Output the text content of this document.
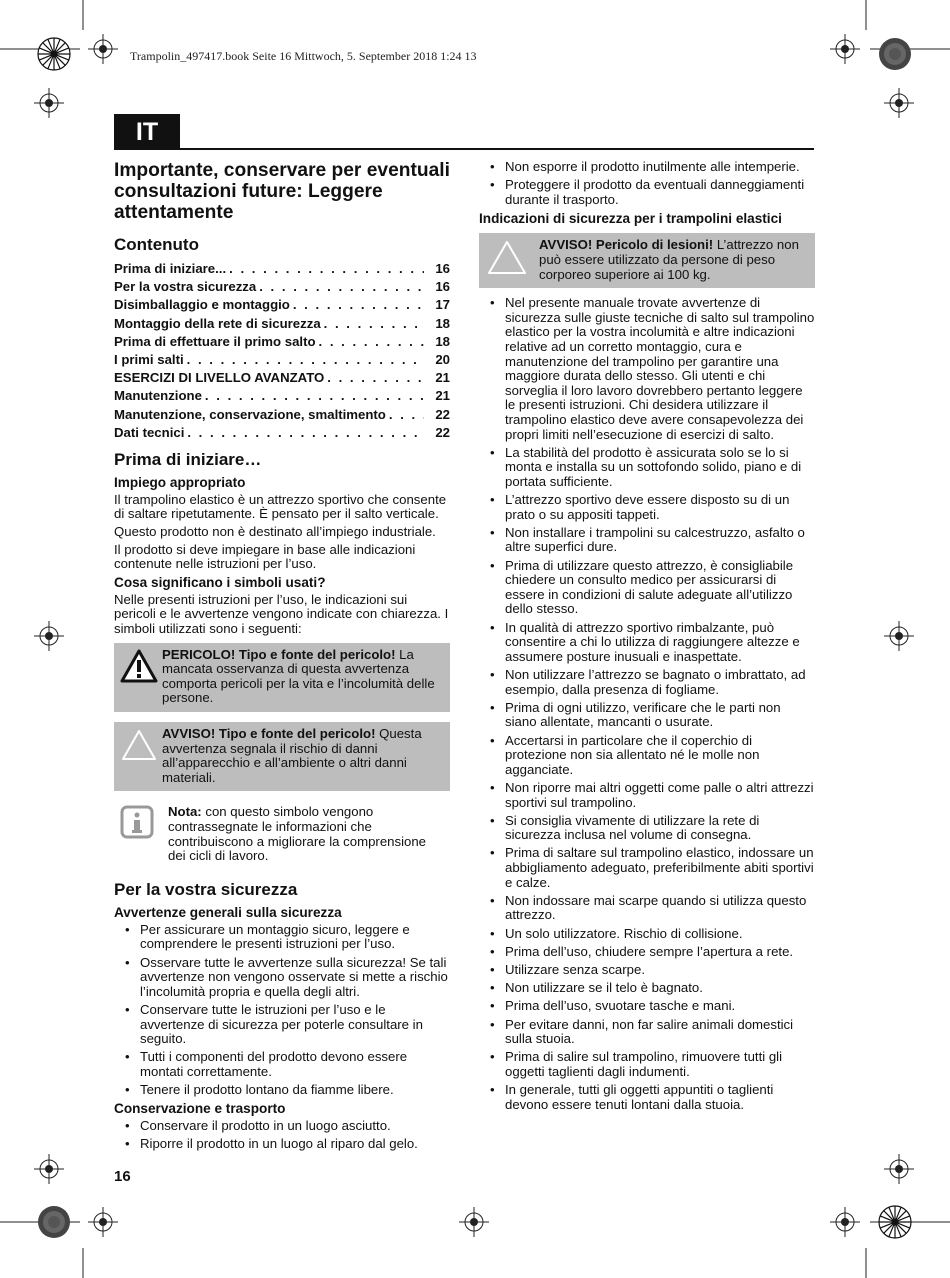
Trampolin_497417.book Seite 16 Mittwoch, 5. September 2018 1:24 13
IT
Importante, conservare per eventuali consultazioni future: Leggere attentamente
Contenuto
Prima di iniziare... . . .	16
Per la vostra sicurezza . . .	16
Disimballaggio e montaggio . . .	17
Montaggio della rete di sicurezza . . .	18
Prima di effettuare il primo salto . . .	18
I primi salti . . .	20
ESERCIZI DI LIVELLO AVANZATO . . .	21
Manutenzione . . .	21
Manutenzione, conservazione, smaltimento . . .	22
Dati tecnici . . .	22
Prima di iniziare…
Impiego appropriato

Il trampolino elastico è un attrezzo sportivo che consente di saltare ripetutamente. È pensato per il salto verticale.

Questo prodotto non è destinato all’impiego industriale.

Il prodotto si deve impiegare in base alle indicazioni contenute nelle istruzioni per l’uso.

Cosa significano i simboli usati?

Nelle presenti istruzioni per l’uso, le indicazioni sui pericoli e le avvertenze vengono indicate con chiarezza. I simboli utilizzati sono i seguenti:

PERICOLO! Tipo e fonte del pericolo! La mancata osservanza di questa avvertenza comporta pericoli per la vita e l’incolumità delle persone.
AVVISO! Tipo e fonte del pericolo! Questa avvertenza segnala il rischio di danni all’apparecchio e all’ambiente o altri danni materiali.
Nota: con questo simbolo vengono contrassegnate le informazioni che contribuiscono a migliorare la comprensione dei cicli di lavoro.
Per la vostra sicurezza
Avvertenze generali sulla sicurezza
• Per assicurare un montaggio sicuro, leggere e comprendere le presenti istruzioni per l’uso.
• Osservare tutte le avvertenze sulla sicurezza! Se tali avvertenze non vengono osservate si mette a rischio l’incolumità propria e quella degli altri.
• Conservare tutte le istruzioni per l’uso e le avvertenze di sicurezza per poterle consultare in seguito.
• Tutti i componenti del prodotto devono essere montati correttamente.
• Tenere il prodotto lontano da fiamme libere.
Conservazione e trasporto
• Conservare il prodotto in un luogo asciutto.
• Riporre il prodotto in un luogo al riparo dal gelo.
• Non esporre il prodotto inutilmente alle intemperie.
• Proteggere il prodotto da eventuali danneggiamenti durante il trasporto.
Indicazioni di sicurezza per i trampolini elastici
AVVISO! Pericolo di lesioni! L’attrezzo non può essere utilizzato da persone di peso corporeo superiore ai 100 kg.
• Nel presente manuale trovate avvertenze di sicurezza sulle giuste tecniche di salto sul trampolino elastico per la vostra incolumità e altre indicazioni relative ad un corretto montaggio, cura e manutenzione del trampolino per garantire una maggiore durata dello stesso. Gli utenti e chi sorveglia il loro lavoro dovrebbero pertanto leggere le presenti istruzioni. Chi desidera utilizzare il trampolino elastico deve avere consapevolezza dei propri limiti nell’esecuzione di esercizi di salto.
• La stabilità del prodotto è assicurata solo se lo si monta e installa su un sottofondo solido, piano e di portata sufficiente.
• L’attrezzo sportivo deve essere disposto su di un prato o su appositi tappeti.
• Non installare i trampolini su calcestruzzo, asfalto o altre superfici dure.
• Prima di utilizzare questo attrezzo, è consigliabile chiedere un consulto medico per assicurarsi di essere in condizioni di salute adeguate all’utilizzo dello stesso.
• In qualità di attrezzo sportivo rimbalzante, può consentire a chi lo utilizza di raggiungere altezze e assumere posture inusuali e inaspettate.
• Non utilizzare l’attrezzo se bagnato o imbrattato, ad esempio, dalla presenza di fogliame.
• Prima di ogni utilizzo, verificare che le parti non siano allentate, mancanti o usurate.
• Accertarsi in particolare che il coperchio di protezione non sia allentato né le molle non agganciate.
• Non riporre mai altri oggetti come palle o altri attrezzi sportivi sul trampolino.
• Si consiglia vivamente di utilizzare la rete di sicurezza inclusa nel volume di consegna.
• Prima di saltare sul trampolino elastico, indossare un abbigliamento adeguato, preferibilmente abiti sportivi e calze.
• Non indossare mai scarpe quando si utilizza questo attrezzo.
• Un solo utilizzatore. Rischio di collisione.
• Prima dell’uso, chiudere sempre l’apertura a rete.
• Utilizzare senza scarpe.
• Non utilizzare se il telo è bagnato.
• Prima dell’uso, svuotare tasche e mani.
• Per evitare danni, non far salire animali domestici sulla stuoia.
• Prima di salire sul trampolino, rimuovere tutti gli oggetti taglienti dagli indumenti.
• In generale, tutti gli oggetti appuntiti o taglienti devono essere tenuti lontani dalla stuoia.
16
